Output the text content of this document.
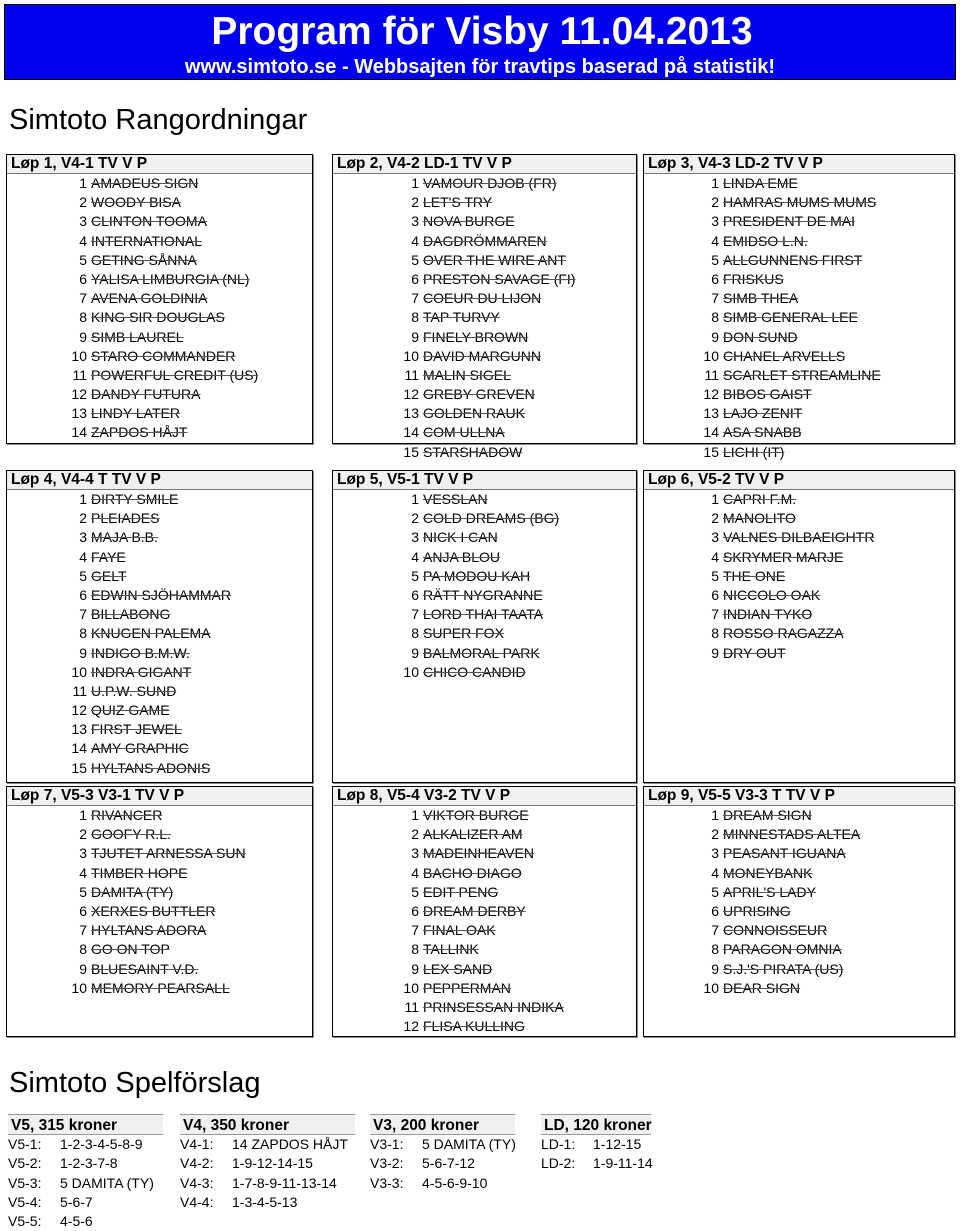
Program för Visby 11.04.2013
www.simtoto.se - Webbsajten för travtips baserad på statistik!
Simtoto Rangordningar
Løp 1, V4-1 TV V P
1 AMADEUS SIGN
2 WOODY BISA
3 CLINTON TOOMA
4 INTERNATIONAL
5 GETING SÅNNA
6 YALISA LIMBURGIA (NL)
7 AVENA GOLDINIA
8 KING SIR DOUGLAS
9 SIMB LAUREL
10 STARO COMMANDER
11 POWERFUL CREDIT (US)
12 DANDY FUTURA
13 LINDY LATER
14 ZAPDOS HÅJT
Løp 2, V4-2 LD-1 TV V P
1 VAMOUR DJOB (FR)
2 LET'S TRY
3 NOVA BURGE
4 DAGDRÖMMAREN
5 OVER THE WIRE ANT
6 PRESTON SAVAGE (FI)
7 COEUR DU LIJON
8 TAP TURVY
9 FINELY BROWN
10 DAVID MARGUNN
11 MALIN SIGEL
12 GREBY GREVEN
13 GOLDEN RAUK
14 COM ULLNA
15 STARSHADOW
Løp 3, V4-3 LD-2 TV V P
1 LINDA EME
2 HAMRAS MUMS MUMS
3 PRESIDENT DE MAI
4 EMIDSO L.N.
5 ALLGUNNENS FIRST
6 FRISKUS
7 SIMB THEA
8 SIMB GENERAL LEE
9 DON SUND
10 CHANEL ARVELLS
11 SCARLET STREAMLINE
12 BIBOS GAIST
13 LAJO ZENIT
14 ASA SNABB
15 LICHI (IT)
Løp 4, V4-4 T TV V P
1 DIRTY SMILE
2 PLEIADES
3 MAJA B.B.
4 FAYE
5 GELT
6 EDWIN SJÖHAMMAR
7 BILLABONG
8 KNUGEN PALEMA
9 INDIGO B.M.W.
10 INDRA GIGANT
11 U.P.W. SUND
12 QUIZ GAME
13 FIRST JEWEL
14 AMY GRAPHIC
15 HYLTANS ADONIS
Løp 5, V5-1 TV V P
1 VESSLAN
2 COLD DREAMS (BG)
3 NICK I CAN
4 ANJA BLOU
5 PA MODOU KAH
6 RÄTT NYGRANNE
7 LORD THAI TAATA
8 SUPER FOX
9 BALMORAL PARK
10 CHICO CANDID
Løp 6, V5-2 TV V P
1 CAPRI F.M.
2 MANOLITO
3 VALNES DILBAEIGHTR
4 SKRYMER MARJE
5 THE ONE
6 NICCOLO OAK
7 INDIAN TYKO
8 ROSSO RAGAZZA
9 DRY OUT
Løp 7, V5-3 V3-1 TV V P
1 RIVANCER
2 GOOFY R.L.
3 TJUTET ARNESSA SUN
4 TIMBER HOPE
5 DAMITA (TY)
6 XERXES BUTTLER
7 HYLTANS ADORA
8 GO ON TOP
9 BLUESAINT V.D.
10 MEMORY PEARSALL
Løp 8, V5-4 V3-2 TV V P
1 VIKTOR BURGE
2 ALKALIZER AM
3 MADEINHEAVEN
4 BACHO DIAGO
5 EDIT PENG
6 DREAM DERBY
7 FINAL OAK
8 TALLINK
9 LEX SAND
10 PEPPERMAN
11 PRINSESSAN INDIKA
12 FLISA KULLING
Løp 9, V5-5 V3-3 T TV V P
1 DREAM SIGN
2 MINNESTADS ALTEA
3 PEASANT IGUANA
4 MONEYBANK
5 APRIL'S LADY
6 UPRISING
7 CONNOISSEUR
8 PARAGON OMNIA
9 S.J.'S PIRATA (US)
10 DEAR SIGN
Simtoto Spelförslag
V5, 315 kroner
V5-1: 1-2-3-4-5-8-9
V5-2: 1-2-3-7-8
V5-3: 5 DAMITA (TY)
V5-4: 5-6-7
V5-5: 4-5-6
V4, 350 kroner
V4-1: 14 ZAPDOS HÅJT
V4-2: 1-9-12-14-15
V4-3: 1-7-8-9-11-13-14
V4-4: 1-3-4-5-13
V3, 200 kroner
V3-1: 5 DAMITA (TY)
V3-2: 5-6-7-12
V3-3: 4-5-6-9-10
LD, 120 kroner
LD-1: 1-12-15
LD-2: 1-9-11-14
